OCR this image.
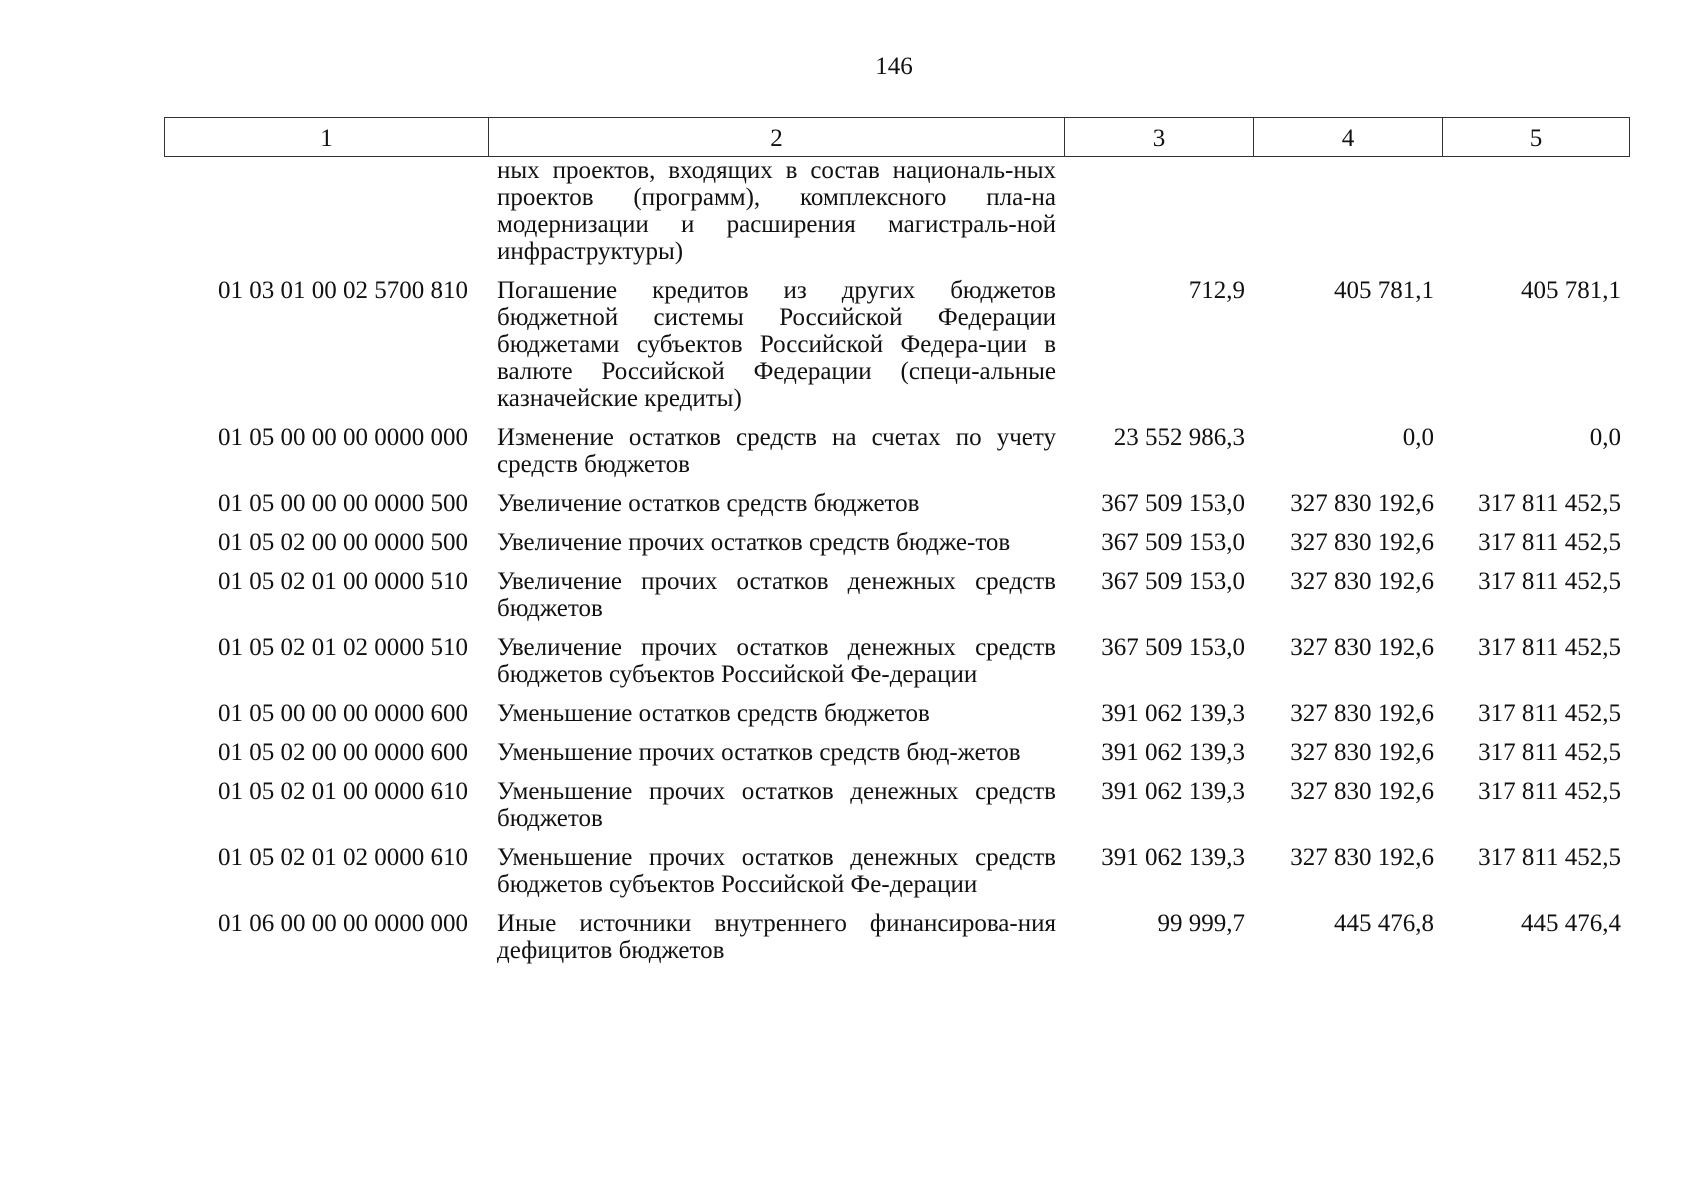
146
1	2	3	4	5
	ных проектов, входящих в состав националь-ных проектов (программ), комплексного пла-на модернизации и расширения магистраль-ной инфраструктуры)			
01 03 01 00 02 5700 810	Погашение кредитов из других бюджетов бюджетной системы Российской Федерации бюджетами субъектов Российской Федера-ции в валюте Российской Федерации (специ-альные казначейские кредиты)	712,9	405 781,1	405 781,1
01 05 00 00 00 0000 000	Изменение остатков средств на счетах по учету средств бюджетов	23 552 986,3	0,0	0,0
01 05 00 00 00 0000 500	Увеличение остатков средств бюджетов	367 509 153,0	327 830 192,6	317 811 452,5
01 05 02 00 00 0000 500	Увеличение прочих остатков средств бюдже-тов	367 509 153,0	327 830 192,6	317 811 452,5
01 05 02 01 00 0000 510	Увеличение прочих остатков денежных средств бюджетов	367 509 153,0	327 830 192,6	317 811 452,5
01 05 02 01 02 0000 510	Увеличение прочих остатков денежных средств бюджетов субъектов Российской Фе-дерации	367 509 153,0	327 830 192,6	317 811 452,5
01 05 00 00 00 0000 600	Уменьшение остатков средств бюджетов	391 062 139,3	327 830 192,6	317 811 452,5
01 05 02 00 00 0000 600	Уменьшение прочих остатков средств бюд-жетов	391 062 139,3	327 830 192,6	317 811 452,5
01 05 02 01 00 0000 610	Уменьшение прочих остатков денежных средств бюджетов	391 062 139,3	327 830 192,6	317 811 452,5
01 05 02 01 02 0000 610	Уменьшение прочих остатков денежных средств бюджетов субъектов Российской Фе-дерации	391 062 139,3	327 830 192,6	317 811 452,5
01 06 00 00 00 0000 000	Иные источники внутреннего финансирова-ния дефицитов бюджетов	99 999,7	445 476,8	445 476,4
